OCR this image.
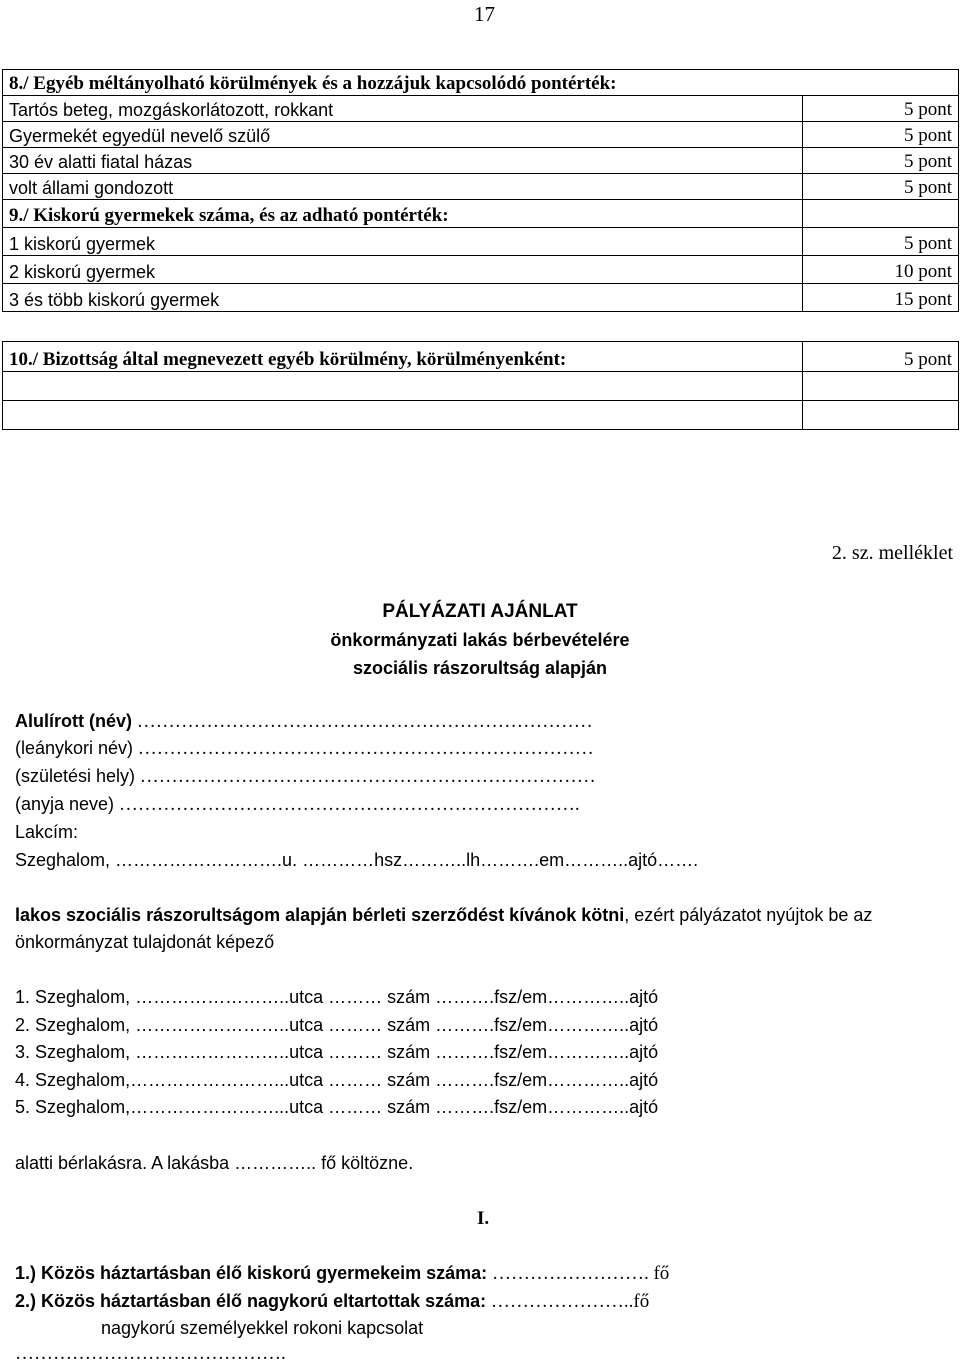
17
8./ Egyéb méltányolható körülmények és a hozzájuk kapcsolódó pontérték:	
Tartós beteg, mozgáskorlátozott, rokkant	5 pont
Gyermekét egyedül nevelő szülő	5 pont
30 év alatti fiatal házas	5 pont
volt állami gondozott	5 pont
9./ Kiskorú gyermekek száma, és az adható pontérték:	
1 kiskorú gyermek	5 pont
2 kiskorú gyermek	10 pont
3 és több kiskorú gyermek	15 pont
10./ Bizottság által megnevezett egyéb körülmény, körülményenként:	5 pont

2. sz. melléklet
PÁLYÁZATI AJÁNLAT
önkormányzati lakás bérbevételére
szociális rászorultság alapján
Alulírott (név) ………………………………………………………………
(leánykori név) ………………………………………………………………
(születési hely) ………………………………………………………………
(anyja neve) ……………………………………………………………….
Lakcím:
Szeghalom, ……………………….u. …………hsz………..lh……….em………..ajtó…….
lakos szociális rászorultságom alapján bérleti szerződést kívánok kötni, ezért pályázatot nyújtok be az önkormányzat tulajdonát képező
1. Szeghalom, ……………………..utca ……… szám ……….fsz/em…………..ajtó
2. Szeghalom, ……………………..utca ……… szám ……….fsz/em…………..ajtó
3. Szeghalom, ……………………..utca ……… szám ……….fsz/em…………..ajtó
4. Szeghalom,……………………...utca ……… szám ……….fsz/em…………..ajtó
5. Szeghalom,……………………...utca ……… szám ……….fsz/em…………..ajtó
alatti bérlakásra. A lakásba ………….. fő költözne.
I.
1.) Közös háztartásban élő kiskorú gyermekeim száma: ……………………. fő
2.) Közös háztartásban élő nagykorú eltartottak száma: …………………..fő
nagykorú személyekkel rokoni kapcsolat
…………………………………….
